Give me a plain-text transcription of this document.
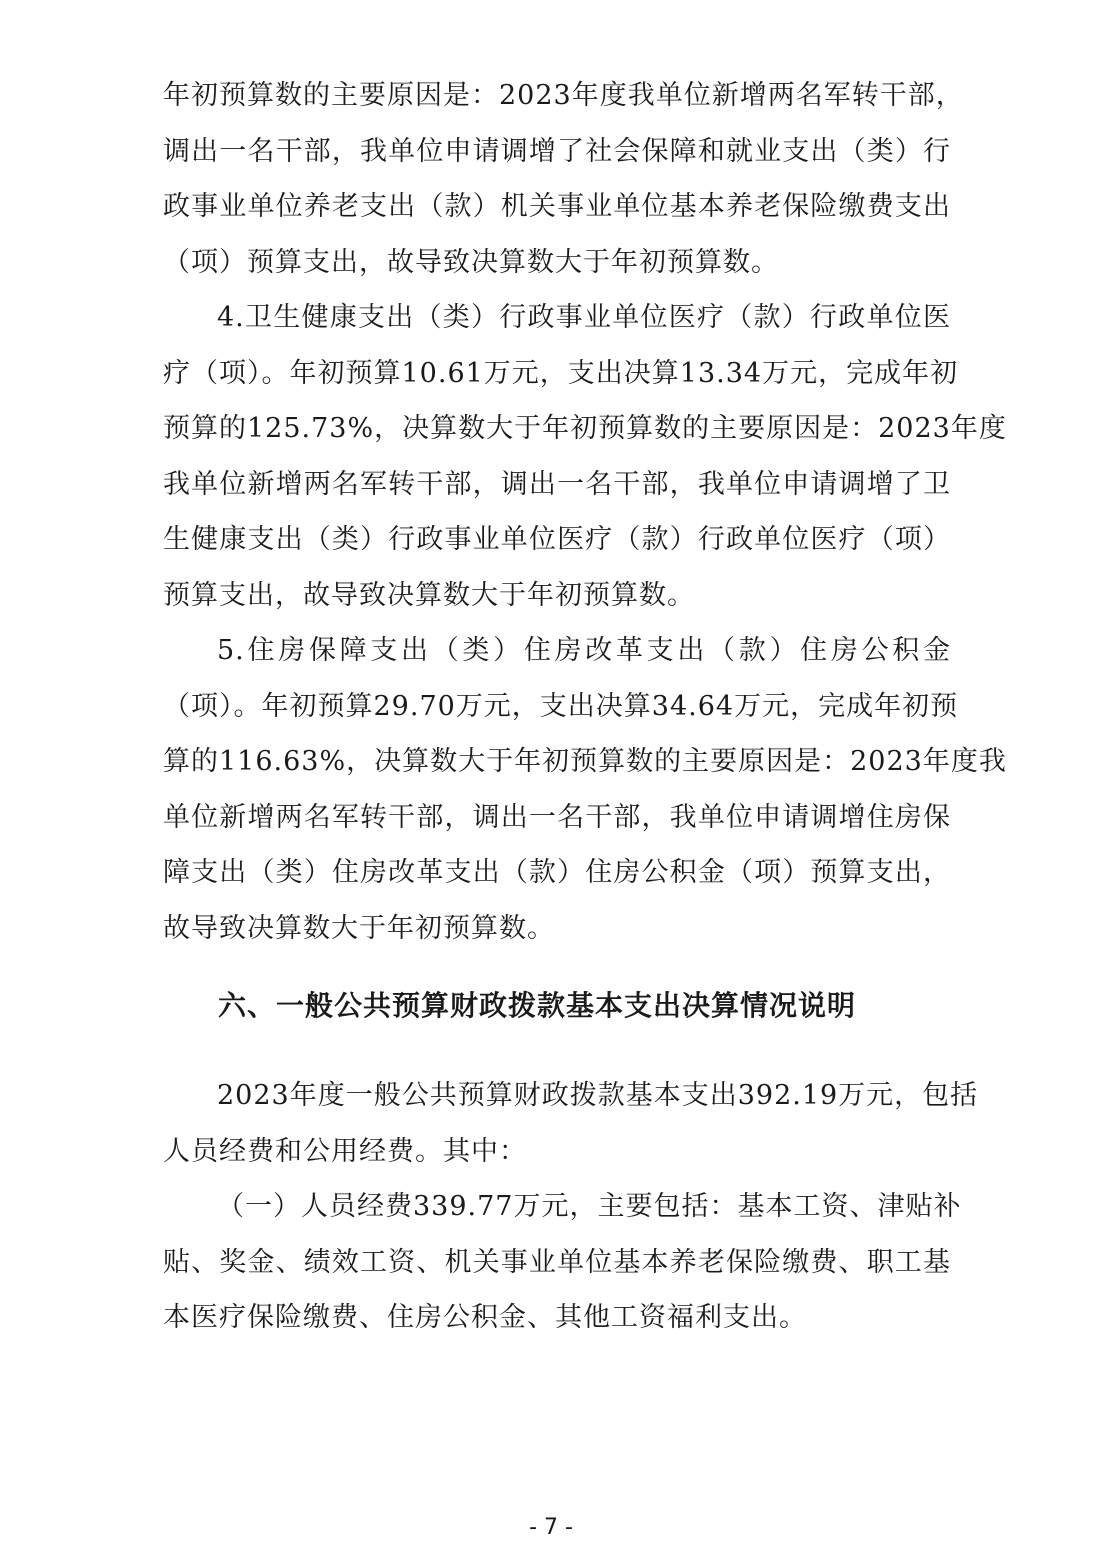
年初预算数的主要原因是：2023年度我单位新增两名军转干部，
调出一名干部，我单位申请调增了社会保障和就业支出（类）行
政事业单位养老支出（款）机关事业单位基本养老保险缴费支出
（项）预算支出，故导致决算数大于年初预算数。
4.卫生健康支出（类）行政事业单位医疗（款）行政单位医
疗（项）。年初预算10.61万元，支出决算13.34万元，完成年初
预算的125.73%，决算数大于年初预算数的主要原因是：2023年度
我单位新增两名军转干部，调出一名干部，我单位申请调增了卫
生健康支出（类）行政事业单位医疗（款）行政单位医疗（项）
预算支出，故导致决算数大于年初预算数。
5.住房保障支出（类）住房改革支出（款）住房公积金
（项）。年初预算29.70万元，支出决算34.64万元，完成年初预
算的116.63%，决算数大于年初预算数的主要原因是：2023年度我
单位新增两名军转干部，调出一名干部，我单位申请调增住房保
障支出（类）住房改革支出（款）住房公积金（项）预算支出，
故导致决算数大于年初预算数。
六、一般公共预算财政拨款基本支出决算情况说明
2023年度一般公共预算财政拨款基本支出392.19万元，包括
人员经费和公用经费。其中：
（一）人员经费339.77万元，主要包括：基本工资、津贴补
贴、奖金、绩效工资、机关事业单位基本养老保险缴费、职工基
本医疗保险缴费、住房公积金、其他工资福利支出。
- 7 -
